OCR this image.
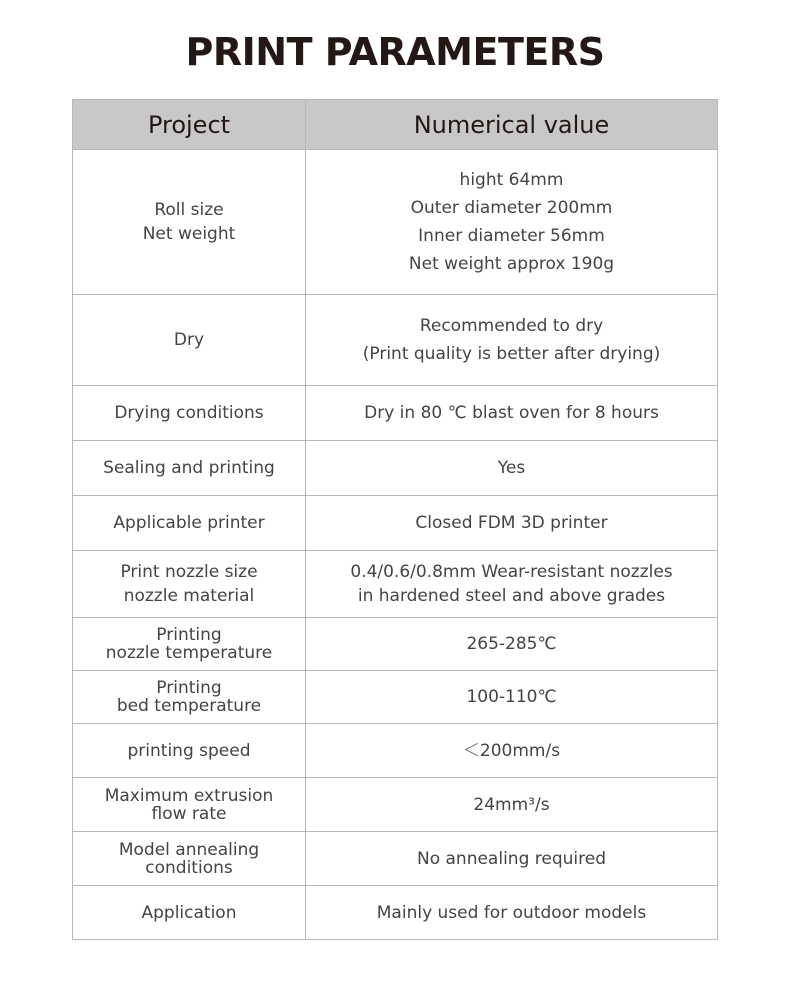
PRINT PARAMETERS
Project	Numerical value

Roll size
Net weight	hight 64mm
Outer diameter 200mm
Inner diameter 56mm
Net weight approx 190g

Dry	Recommended to dry
(Print quality is better after drying)

Drying conditions	Dry in 80 ℃ blast oven for 8 hours

Sealing and printing	Yes

Applicable printer	Closed FDM 3D printer

Print nozzle size
nozzle material	0.4/0.6/0.8mm Wear-resistant nozzles
in hardened steel and above grades

Printing
nozzle temperature	265-285℃

Printing
bed temperature	100-110℃

printing speed	＜200mm/s

Maximum extrusion
flow rate	24mm³/s

Model annealing
conditions	No annealing required

Application	Mainly used for outdoor models
